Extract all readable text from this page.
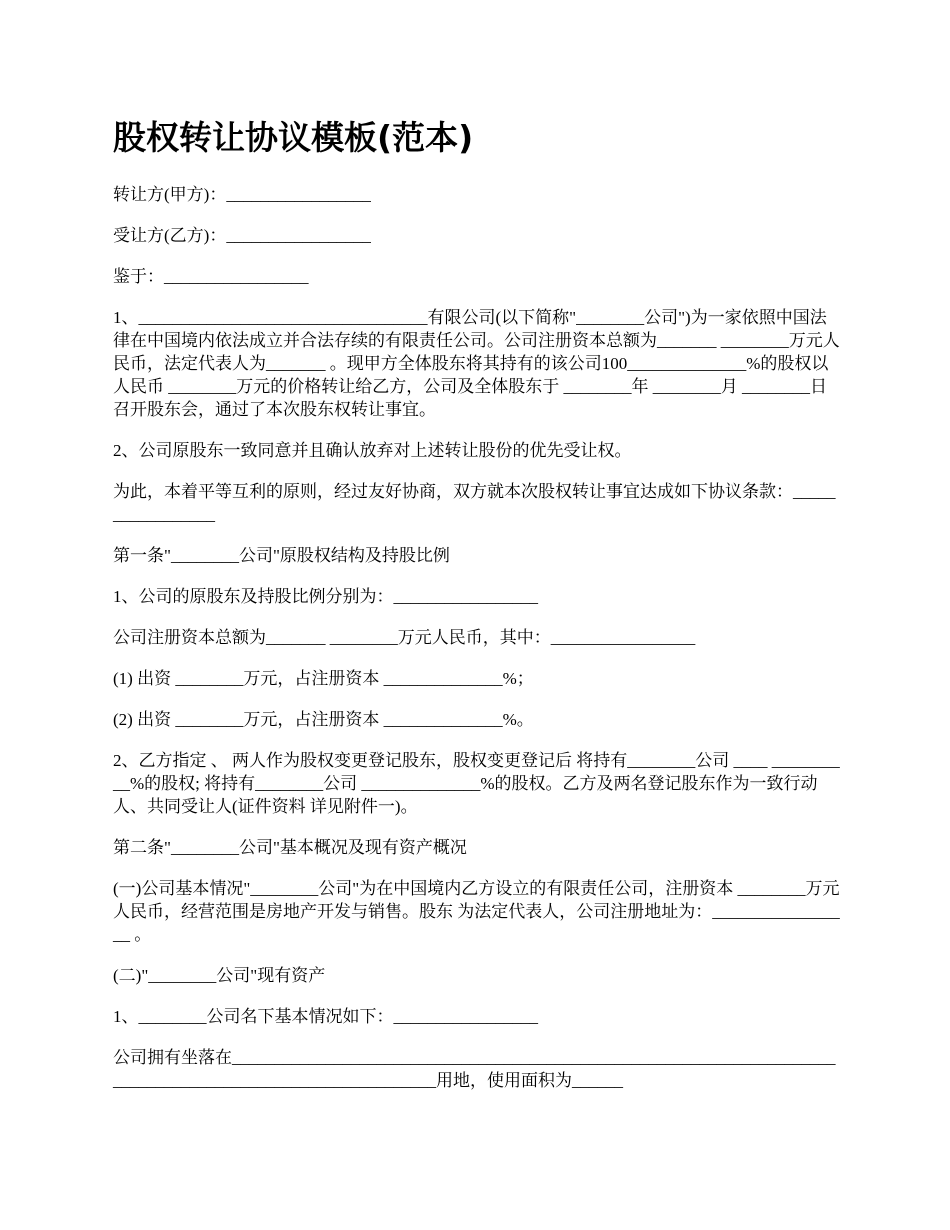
股权转让协议模板(范本)

转让方(甲方)：_________________

受让方(乙方)：_________________

鉴于：_________________

1、__________________________________有限公司(以下简称"________公司")为一家依照中国法律在中国境内依法成立并合法存续的有限责任公司。公司注册资本总额为_______ ________万元人民币，法定代表人为_______ 。现甲方全体股东将其持有的该公司100______________%的股权以人民币 ________万元的价格转让给乙方，公司及全体股东于 ________年 ________月 ________日召开股东会，通过了本次股东权转让事宜。

2、公司原股东一致同意并且确认放弃对上述转让股份的优先受让权。

为此，本着平等互利的原则，经过友好协商，双方就本次股权转让事宜达成如下协议条款：_________________

第一条"________公司"原股权结构及持股比例

1、公司的原股东及持股比例分别为：_________________

公司注册资本总额为_______ ________万元人民币，其中：_________________

(1) 出资 ________万元，占注册资本 ______________%；

(2) 出资 ________万元，占注册资本 ______________%。

2、乙方指定 、 两人作为股权变更登记股东，股权变更登记后 将持有________公司 ____ __________%的股权; 将持有________公司 ______________%的股权。乙方及两名登记股东作为一致行动人、共同受让人(证件资料 详见附件一)。

第二条"________公司"基本概况及现有资产概况

(一)公司基本情况"________公司"为在中国境内乙方设立的有限责任公司，注册资本 ________万元人民币，经营范围是房地产开发与销售。股东 为法定代表人，公司注册地址为：_________________ 。

(二)"________公司"现有资产

1、________公司名下基本情况如下：_________________

公司拥有坐落在_____________________________________________________________________________________________________________用地，使用面积为______
